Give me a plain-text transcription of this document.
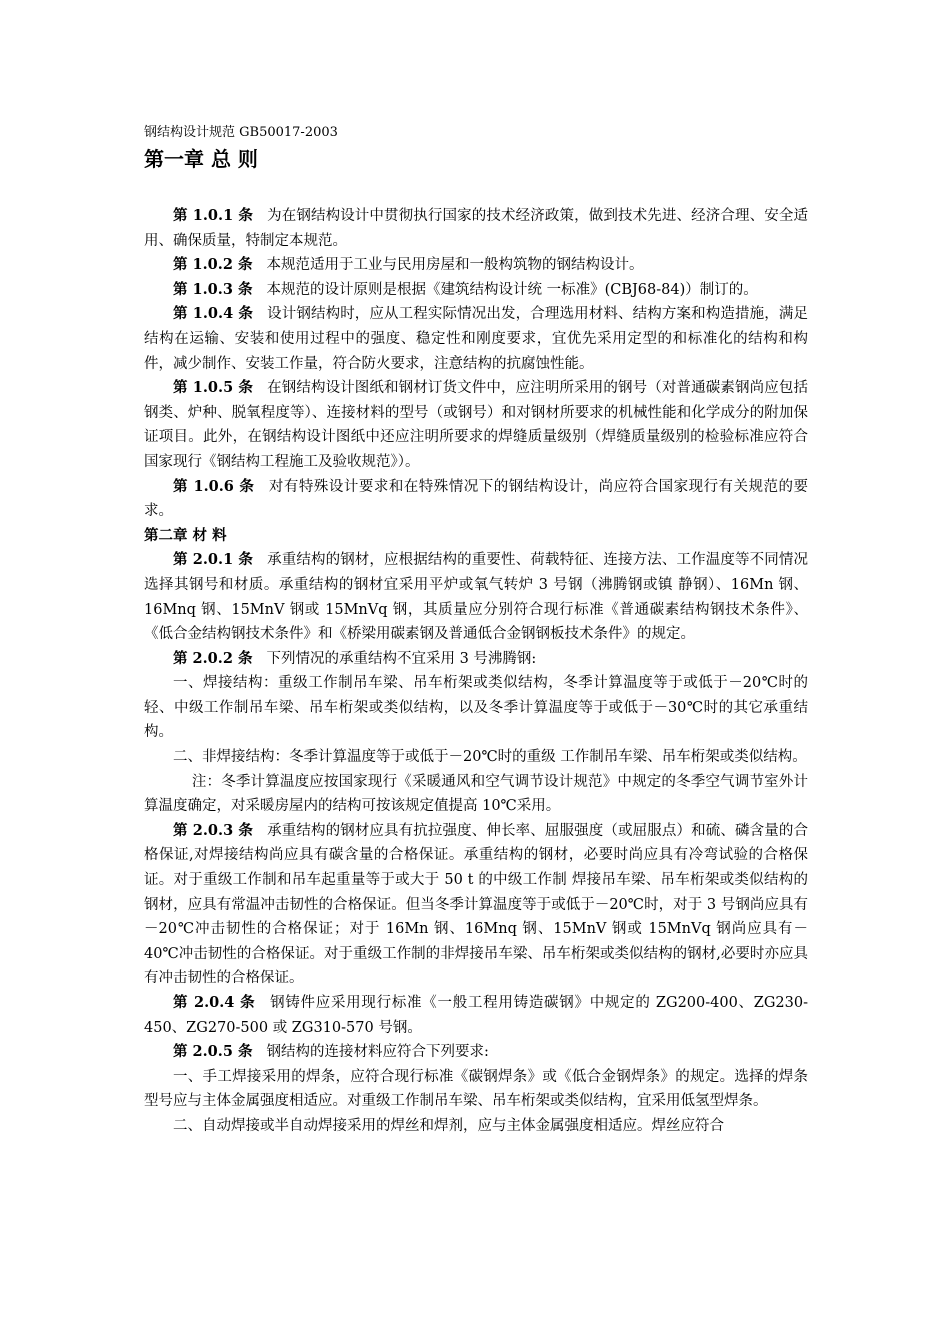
钢结构设计规范 GB50017-2003
第一章 总 则

第 1.0.1 条 为在钢结构设计中贯彻执行国家的技术经济政策，做到技术先进、经济合理、安全适用、确保质量，特制定本规范。

第 1.0.2 条 本规范适用于工业与民用房屋和一般构筑物的钢结构设计。

第 1.0.3 条 本规范的设计原则是根据《建筑结构设计统 一标准》(CBJ68-84)）制订的。

第 1.0.4 条 设计钢结构时，应从工程实际情况出发，合理选用材料、结构方案和构造措施，满足结构在运输、安装和使用过程中的强度、稳定性和刚度要求，宜优先采用定型的和标准化的结构和构件，减少制作、安装工作量，符合防火要求，注意结构的抗腐蚀性能。

第 1.0.5 条 在钢结构设计图纸和钢材订货文件中，应注明所采用的钢号（对普通碳素钢尚应包括钢类、炉种、脱氧程度等）、连接材料的型号（或钢号）和对钢材所要求的机械性能和化学成分的附加保证项目。此外，在钢结构设计图纸中还应注明所要求的焊缝质量级别（焊缝质量级别的检验标准应符合国家现行《钢结构工程施工及验收规范》）。

第 1.0.6 条 对有特殊设计要求和在特殊情况下的钢结构设计，尚应符合国家现行有关规范的要求。

第二章 材 料

第 2.0.1 条 承重结构的钢材，应根据结构的重要性、荷载特征、连接方法、工作温度等不同情况选择其钢号和材质。承重结构的钢材宜采用平炉或氧气转炉 3 号钢（沸腾钢或镇 静钢）、16Mn 钢、16Mnq 钢、15MnV 钢或 15MnVq 钢，其质量应分别符合现行标准《普通碳素结构钢技术条件》、《低合金结构钢技术条件》和《桥梁用碳素钢及普通低合金钢钢板技术条件》的规定。

第 2.0.2 条 下列情况的承重结构不宜采用 3 号沸腾钢:

一、焊接结构：重级工作制吊车梁、吊车桁架或类似结构，冬季计算温度等于或低于－20℃时的轻、中级工作制吊车梁、吊车桁架或类似结构，以及冬季计算温度等于或低于－30℃时的其它承重结构。

二、非焊接结构：冬季计算温度等于或低于－20℃时的重级 工作制吊车梁、吊车桁架或类似结构。

注：冬季计算温度应按国家现行《采暖通风和空气调节设计规范》中规定的冬季空气调节室外计算温度确定，对采暖房屋内的结构可按该规定值提高 10℃采用。

第 2.0.3 条 承重结构的钢材应具有抗拉强度、伸长率、屈服强度（或屈服点）和硫、磷含量的合格保证,对焊接结构尚应具有碳含量的合格保证。承重结构的钢材，必要时尚应具有冷弯试验的合格保证。对于重级工作制和吊车起重量等于或大于 50 t 的中级工作制 焊接吊车梁、吊车桁架或类似结构的钢材，应具有常温冲击韧性的合格保证。但当冬季计算温度等于或低于－20℃时，对于 3 号钢尚应具有－20℃冲击韧性的合格保证；对于 16Mn 钢、16Mnq 钢、15MnV 钢或 15MnVq 钢尚应具有－40℃冲击韧性的合格保证。对于重级工作制的非焊接吊车梁、吊车桁架或类似结构的钢材,必要时亦应具有冲击韧性的合格保证。

第 2.0.4 条 钢铸件应采用现行标准《一般工程用铸造碳钢》中规定的 ZG200-400、ZG230-450、ZG270-500 或 ZG310-570 号钢。

第 2.0.5 条 钢结构的连接材料应符合下列要求:

一、手工焊接采用的焊条，应符合现行标准《碳钢焊条》或《低合金钢焊条》的规定。选择的焊条型号应与主体金属强度相适应。对重级工作制吊车梁、吊车桁架或类似结构，宜采用低氢型焊条。

二、自动焊接或半自动焊接采用的焊丝和焊剂，应与主体金属强度相适应。焊丝应符合
